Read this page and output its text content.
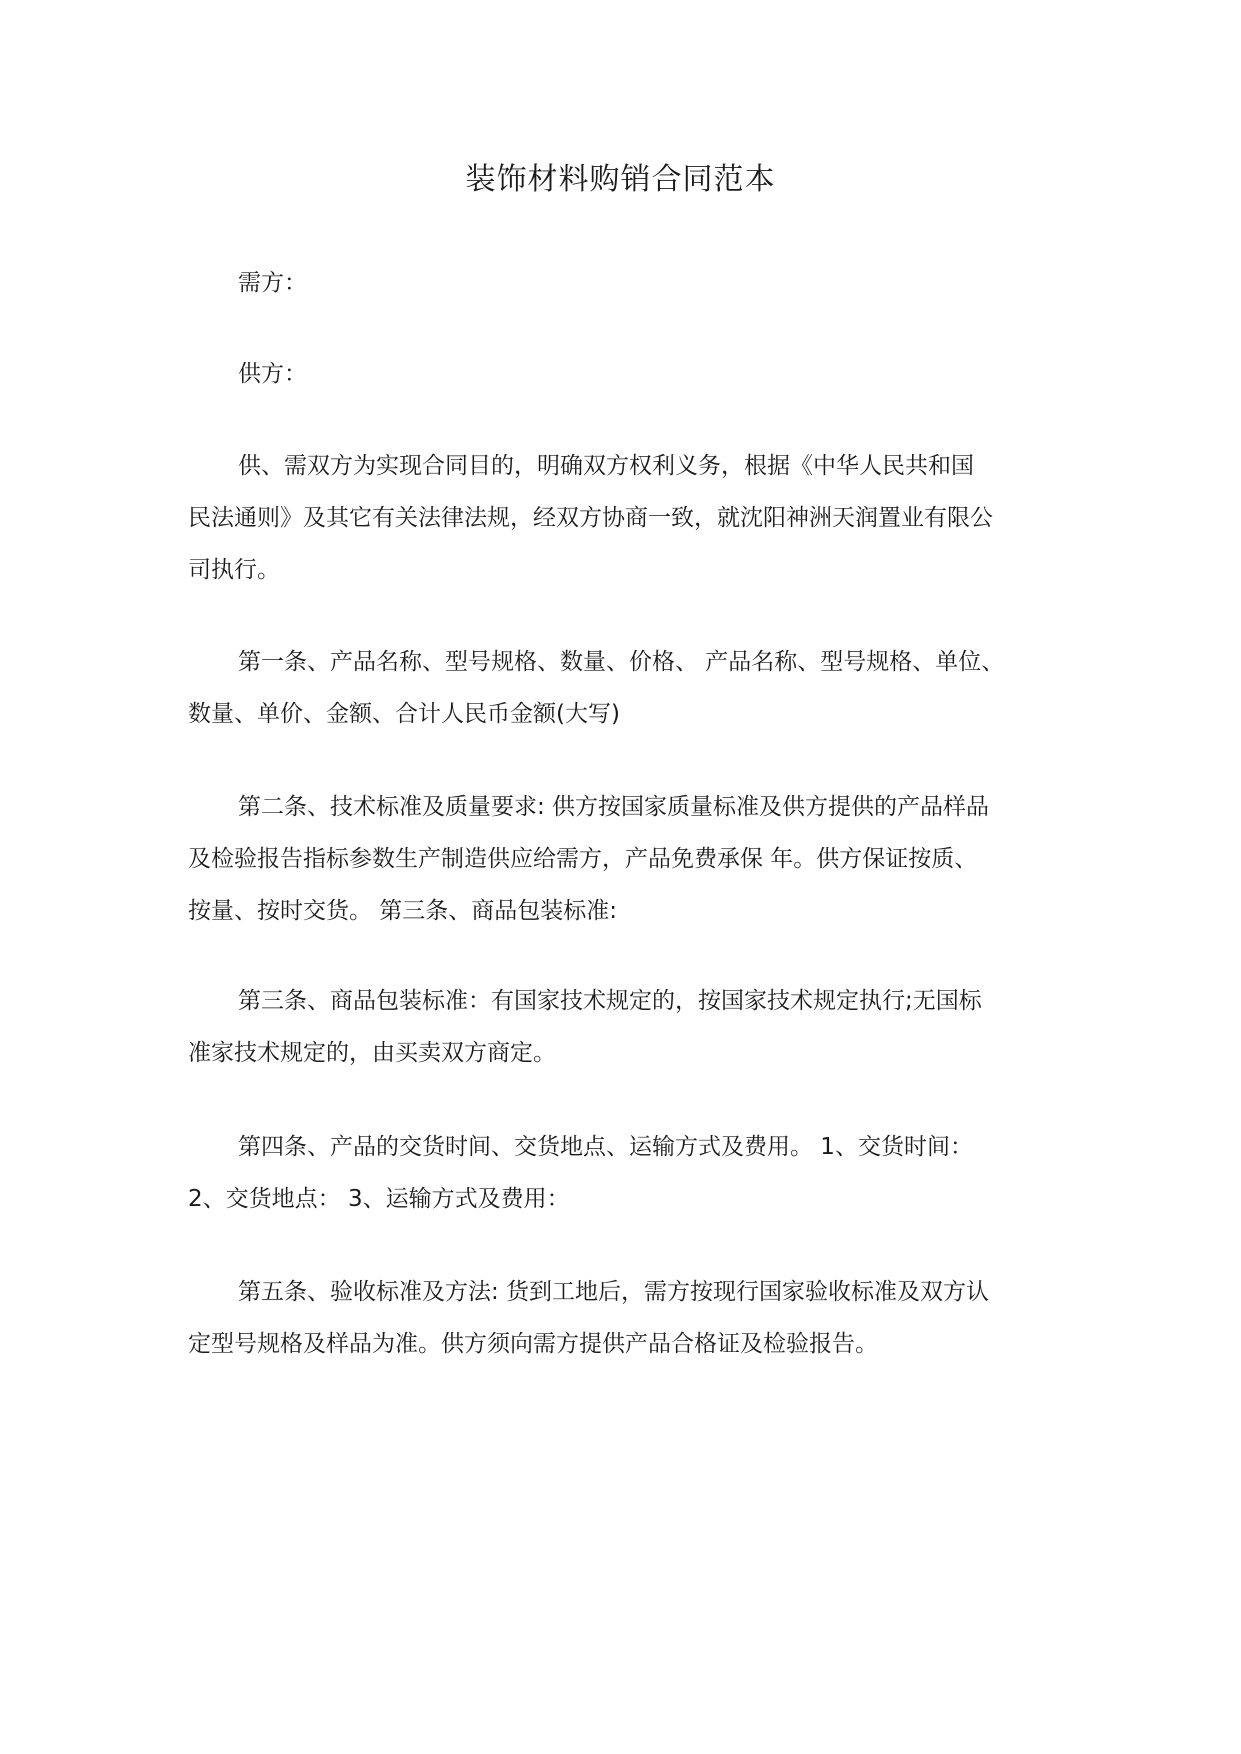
装饰材料购销合同范本
需方：
供方：
供、需双方为实现合同目的，明确双方权利义务，根据《中华人民共和国
民法通则》及其它有关法律法规，经双方协商一致，就沈阳神洲天润置业有限公
司执行。
第一条、产品名称、型号规格、数量、价格、 产品名称、型号规格、单位、
数量、单价、金额、合计人民币金额(大写)
第二条、技术标准及质量要求: 供方按国家质量标准及供方提供的产品样品
及检验报告指标参数生产制造供应给需方，产品免费承保 年。供方保证按质、
按量、按时交货。 第三条、商品包装标准:
第三条、商品包装标准：有国家技术规定的，按国家技术规定执行;无国标
准家技术规定的，由买卖双方商定。
第四条、产品的交货时间、交货地点、运输方式及费用。 1、交货时间：
2、交货地点： 3、运输方式及费用：
第五条、验收标准及方法: 货到工地后，需方按现行国家验收标准及双方认
定型号规格及样品为准。供方须向需方提供产品合格证及检验报告。
